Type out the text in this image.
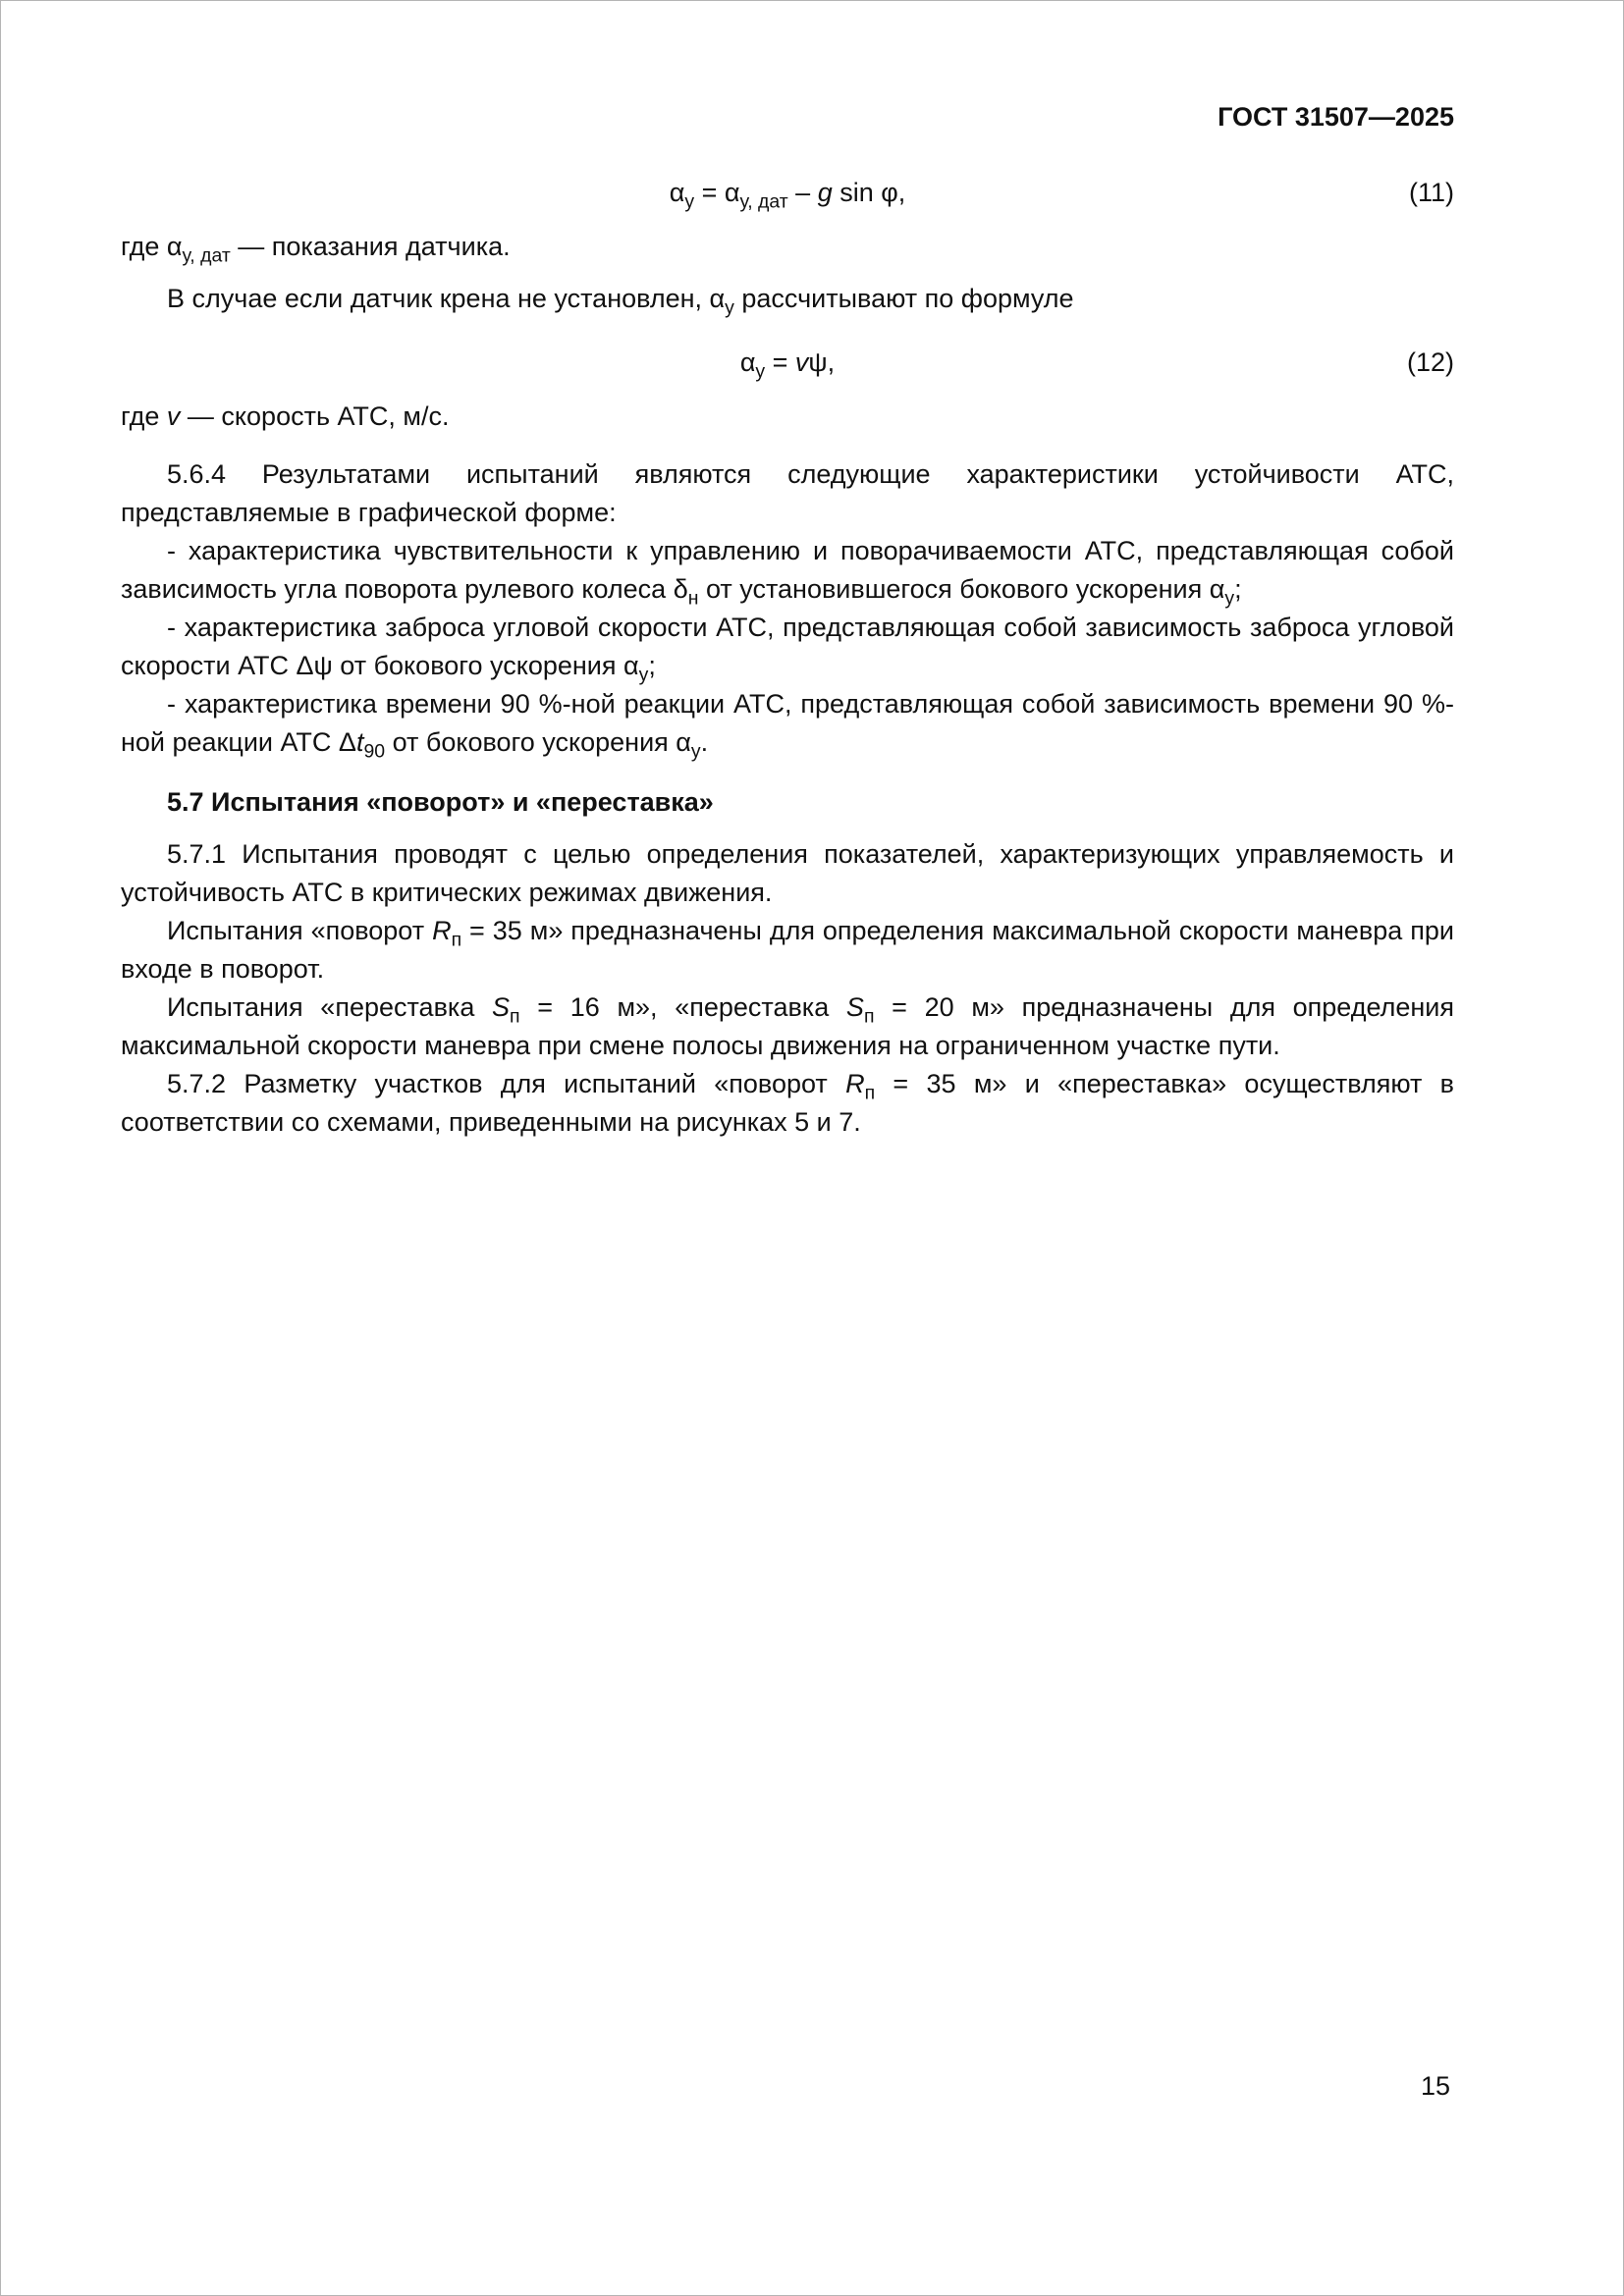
ГОСТ 31507—2025
$\alpha_у = \alpha_{у, дат} - g$ sin φ,	(11)

где $\alpha_{у, дат}$ — показания датчика.

В случае если датчик крена не установлен, $\alpha_у$ рассчитывают по формуле

$\alpha_у = v\psi$,	(12)

где v — скорость АТС, м/с.

5.6.4 Результатами испытаний являются следующие характеристики устойчивости АТС, представляемые в графической форме:

- характеристика чувствительности к управлению и поворачиваемости АТС, представляющая собой зависимость угла поворота рулевого колеса $\delta_н$ от установившегося бокового ускорения $\alpha_у$;

- характеристика заброса угловой скорости АТС, представляющая собой зависимость заброса угловой скорости АТС Δψ от бокового ускорения $\alpha_у$;

- характеристика времени 90 %-ной реакции АТС, представляющая собой зависимость времени 90 %-ной реакции АТС $\Delta t_{90}$ от бокового ускорения $\alpha_у$.

5.7 Испытания «поворот» и «переставка»

5.7.1 Испытания проводят с целью определения показателей, характеризующих управляемость и устойчивость АТС в критических режимах движения.

Испытания «поворот $R_п = 35$ м» предназначены для определения максимальной скорости маневра при входе в поворот.

Испытания «переставка $S_п = 16$ м», «переставка $S_п = 20$ м» предназначены для определения максимальной скорости маневра при смене полосы движения на ограниченном участке пути.

5.7.2 Разметку участков для испытаний «поворот $R_п = 35$ м» и «переставка» осуществляют в соответствии со схемами, приведенными на рисунках 5 и 7.

15
